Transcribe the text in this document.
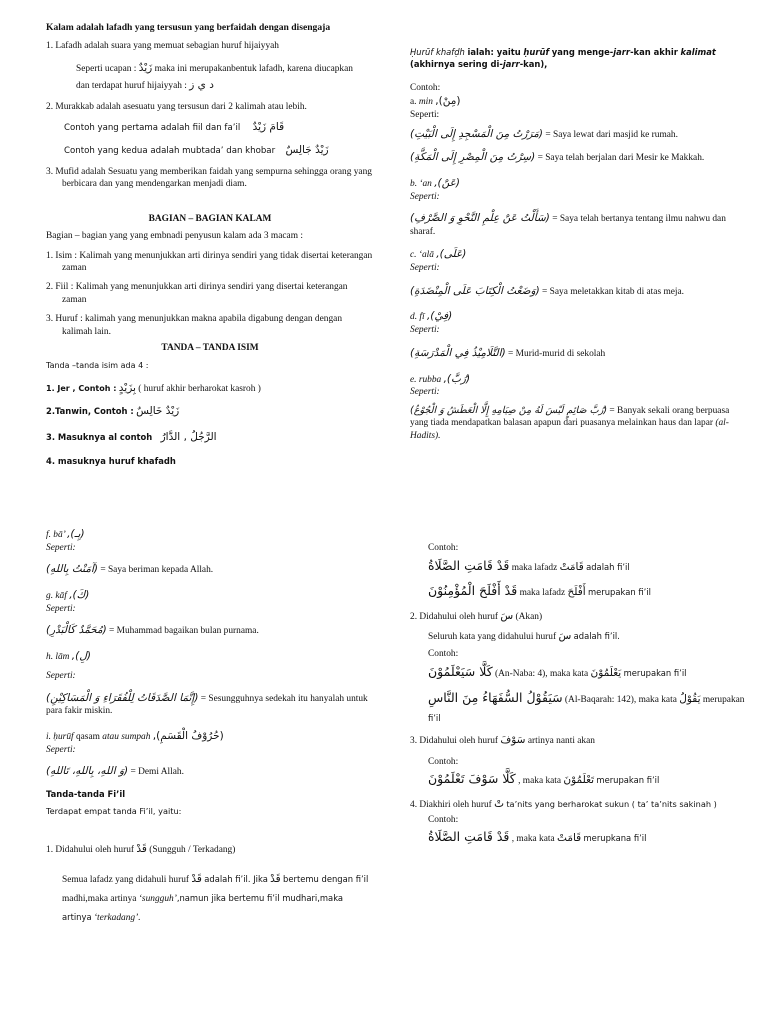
Kalam adalah lafadh yang tersusun yang berfaidah dengan disengaja

1. Lafadh adalah suara yang memuat sebagian huruf hijaiyyah

Seperti ucapan : زَيْدٌ maka ini merupakanbentuk lafadh, karena diucapkan

dan terdapat huruf hijaiyyah : د ي ز

2. Murakkab adalah asesuatu yang tersusun dari 2 kalimah atau lebih.

Contoh yang pertama adalah fiil dan fa’il قَامَ زَيْدٌ

Contoh yang kedua adalah mubtada’ dan khobar زَيْدٌ جَالِسٌ

3. Mufid adalah Sesuatu yang memberikan faidah yang sempurna sehingga orang yang berbicara dan yang mendengarkan menjadi diam.

BAGIAN – BAGIAN KALAM

Bagian – bagian yang yang embnadi penyusun kalam ada 3 macam :

1. Isim : Kalimah yang menunjukkan arti dirinya sendiri yang tidak disertai keterangan zaman

2. Fiil : Kalimah yang menunjukkan arti dirinya sendiri yang disertai keterangan zaman

3. Huruf : kalimah yang menunjukkan makna apabila digabung dengan dengan kalimah lain.

TANDA – TANDA ISIM

Tanda –tanda isim ada 4 :

1. Jer , Contoh : بِزَيْدٍ ( huruf akhir berharokat kasroh )

2.Tanwin, Contoh : زَيْدٌ خَالِسٌ

3. Masuknya al contoh الرَّجُلُ , الدَّارُ

4. masuknya huruf khafadh

Ḥurūf khafḍh ialah: yaitu ḥurūf yang menge-jarr-kan akhir kalimat (akhirnya sering di-jarr-kan),

Contoh:

a. min (مِنْ),

Seperti:

(مَرَرْتُ مِنَ الْمَسْجِدِ إِلَى الْبَيْتِ) = Saya lewat dari masjid ke rumah.

(سِرْتُ مِنَ الْمِصْرِ إِلَى الْمَكَّةِ) = Saya telah berjalan dari Mesir ke Makkah.

b. ‘an (عَنْ),

Seperti:

(سَأَلْتُ عَنْ عِلْمِ النَّحْوِ وَ الصَّرْفِ) = Saya telah bertanya tentang ilmu nahwu dan sharaf.

c. ‘alā (عَلَى),

Seperti:

(وَضَعْتُ الْكِتَابَ عَلَى الْمِنْضَدَةِ) = Saya meletakkan kitab di atas meja.

d. fī (فِيْ),

Seperti:

(التَّلَامِيْذُ فِي الْمَدْرَسَةِ) = Murid-murid di sekolah

e. rubba (رُبَّ),

Seperti:

(رُبَّ صَائِمٍ لَيْسَ لَهُ مِنْ صِيَامِهِ إِلَّا الْعَطَشُ وَ الْجُوْعُ) = Banyak sekali orang berpuasa yang tiada mendapatkan balasan apapun dari puasanya melainkan haus dan lapar (al-Hadits).

f. bā’ (بِـ),

Seperti:

(آمَنْتُ بِاللهِ) = Saya beriman kepada Allah.

g. kāf (كَ),

Seperti:

(مُحَمَّدٌ كَالْبَدْرِ) = Muhammad bagaikan bulan purnama.

h. lām (لِ),

Seperti:

(إِنَّمَا الصَّدَقَاتُ لِلْفُقَرَاءِ وَ الْمَسَاكِيْنِ) = Sesungguhnya sedekah itu hanyalah untuk para fakir miskin.

i. ḥurūf qasam atau sumpah (حُرُوْفُ الْقَسَمِ),

Seperti:

(وَ اللهِ، بِاللهِ، تَاللهِ) = Demi Allah.

Tanda-tanda Fi’il

Terdapat empat tanda Fi’il, yaitu:

1. Didahului oleh huruf قَدْ (Sungguh / Terkadang)

Semua lafadz yang didahuli huruf قَدْ adalah fi’il. Jika قَدْ bertemu dengan fi’il madhi,maka artinya ‘sungguh’,namun jika bertemu fi’il mudhari,maka artinya ‘terkadang’.

Contoh:

قَدْ قَامَتِ الصَّلَاةُ maka lafadz قَامَتْ adalah fi’il

قَدْ أَفْلَحَ الْمُؤْمِنُوْنَ maka lafadz أَفْلَحَ merupakan fi’il

2. Didahului oleh huruf سَ (Akan)

Seluruh kata yang didahului huruf سَ adalah fi’il.

Contoh:

كَلَّا سَيَعْلَمُوْنَ (An-Naba: 4), maka kata يَعْلَمُوْنَ merupakan fi’il

سَيَقُوْلُ السُّفَهَاءُ مِنَ النَّاسِ (Al-Baqarah: 142), maka kata يَقُوْلُ merupakan

fi’il

3. Didahului oleh huruf سَوْفَ artinya nanti akan

Contoh:

كَلَّا سَوْفَ تَعْلَمُوْنَ , maka kata تَعْلَمُوْنَ merupakan fi’il

4. Diakhiri oleh huruf تْ ta’nits yang berharokat sukun ( ta’ ta’nits sakinah )

Contoh:

قَدْ قَامَتِ الصَّلَاةُ , maka kata قَامَتْ merupkana fi’il
